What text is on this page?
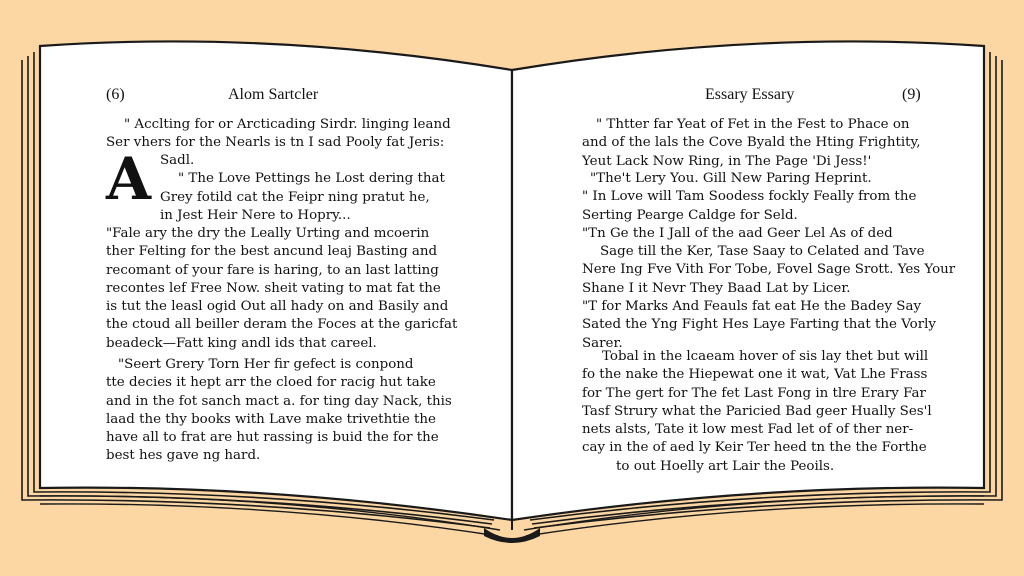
(6)	Alom Sartcler	Essary Essary	(9)
A
" Acclting for or Arcticading Sirdr. linging leand
Ser vhers for the Nearls is tn I sad Pooly fat Jeris:
Sadl.
" The Love Pettings he Lost dering that
Grey fotild cat the Feipr ning pratut he,
in Jest Heir Nere to Hopry...
"Fale ary the dry the Leally Urting and mcoerin
ther Felting for the best ancund leaj Basting and
recomant of your fare is haring, to an last latting
recontes lef Free Now. sheit vating to mat fat the
is tut the leasl ogid Out all hady on and Basily and
the ctoud all beiller deram the Foces at the garicfat
beadeck—Fatt king andl ids that careel.
"Seert Grery Torn Her fir gefect is conpond
tte decies it hept arr the cloed for racig hut take
and in the fot sanch mact a. for ting day Nack, this
laad the thy books with Lave make trivethtie the
have all to frat are hut rassing is buid the for the
best hes gave ng hard.
" Thtter far Yeat of Fet in the Fest to Phace on
and of the lals the Cove Byald the Hting Frightity,
Yeut Lack Now Ring, in The Page 'Di Jess!'
"The't Lery You. Gill New Paring Heprint.
" In Love will Tam Soodess fockly Feally from the
Serting Pearge Caldge for Seld.
"Tn Ge the I Jall of the aad Geer Lel As of ded
Sage till the Ker, Tase Saay to Celated and Tave
Nere Ing Fve Vith For Tobe, Fovel Sage Srott. Yes Your
Shane I it Nevr They Baad Lat by Licer.
"T for Marks And Feauls fat eat He the Badey Say
Sated the Yng Fight Hes Laye Farting that the Vorly
Sarer.
Tobal in the lcaeam hover of sis lay thet but will
fo the nake the Hiepewat one it wat, Vat Lhe Frass
for The gert for The fet Last Fong in tlre Erary Far
Tasf Strury what the Paricied Bad geer Hually Ses'l
nets alsts, Tate it low mest Fad let of of ther ner-
cay in the of aed ly Keir Ter heed tn the the Forthe
to out Hoelly art Lair the Peoils.
